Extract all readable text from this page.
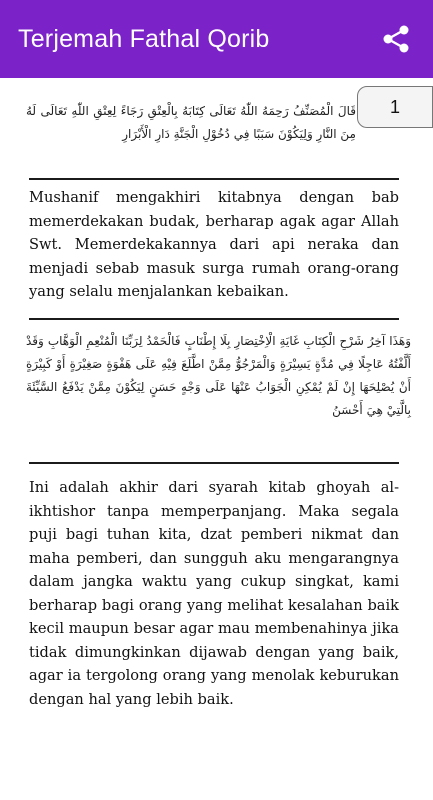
Terjemah Fathal Qorib
1
قَالَ الْمُصَنِّفُ رَحِمَهُ اللّٰهُ تَعَالَى كِتَابَهُ بِالْعِتْقِ رَجَاءً لِعِتْقِ اللّٰهِ تَعَالَى لَهُ مِنَ النَّارِ وَلِيَكُوْنَ سَبَبًا فِي دُخُوْلِ الْجَنَّةِ دَارِ الْأَبْرَارِ
Mushanif mengakhiri kitabnya dengan bab memerdekakan budak, berharap agak agar Allah Swt. Memerdekakannya dari api neraka dan menjadi sebab masuk surga rumah orang-orang yang selalu menjalankan kebaikan.
وَهَذَا آخِرُ شَرْحِ الْكِتَابِ غَايَةِ الْاِخْتِصَارِ بِلَا إِطْنَابٍ فَالْحَمْدُ لِرَبِّنَا الْمُنْعِمِ الْوَهَّابِ وَقَدْ أَلَّفْتُهُ عَاجِلًا فِي مُدَّةٍ يَسِيْرَةٍ وَالْمَرْجُوُّ مِمَّنْ اطَّلَعَ فِيْهِ عَلَى هَفْوَةٍ صَغِيْرَةٍ أَوْ كَبِيْرَةٍ أَنْ يُصْلِحَهَا إِنْ لَمْ يُمْكِنِ الْجَوَابُ عَنْهَا عَلَى وَجْهٍ حَسَنٍ لِيَكُوْنَ مِمَّنْ يَدْفَعُ السَّيِّئَةَ بِالَّتِيْ هِيَ أَحْسَنُ
Ini adalah akhir dari syarah kitab ghoyah al-ikhtishor tanpa memperpanjang. Maka segala puji bagi tuhan kita, dzat pemberi nikmat dan maha pemberi, dan sungguh aku mengarangnya dalam jangka waktu yang cukup singkat, kami berharap bagi orang yang melihat kesalahan baik kecil maupun besar agar mau membenahinya jika tidak dimungkinkan dijawab dengan yang baik, agar ia tergolong orang yang menolak keburukan dengan hal yang lebih baik.
